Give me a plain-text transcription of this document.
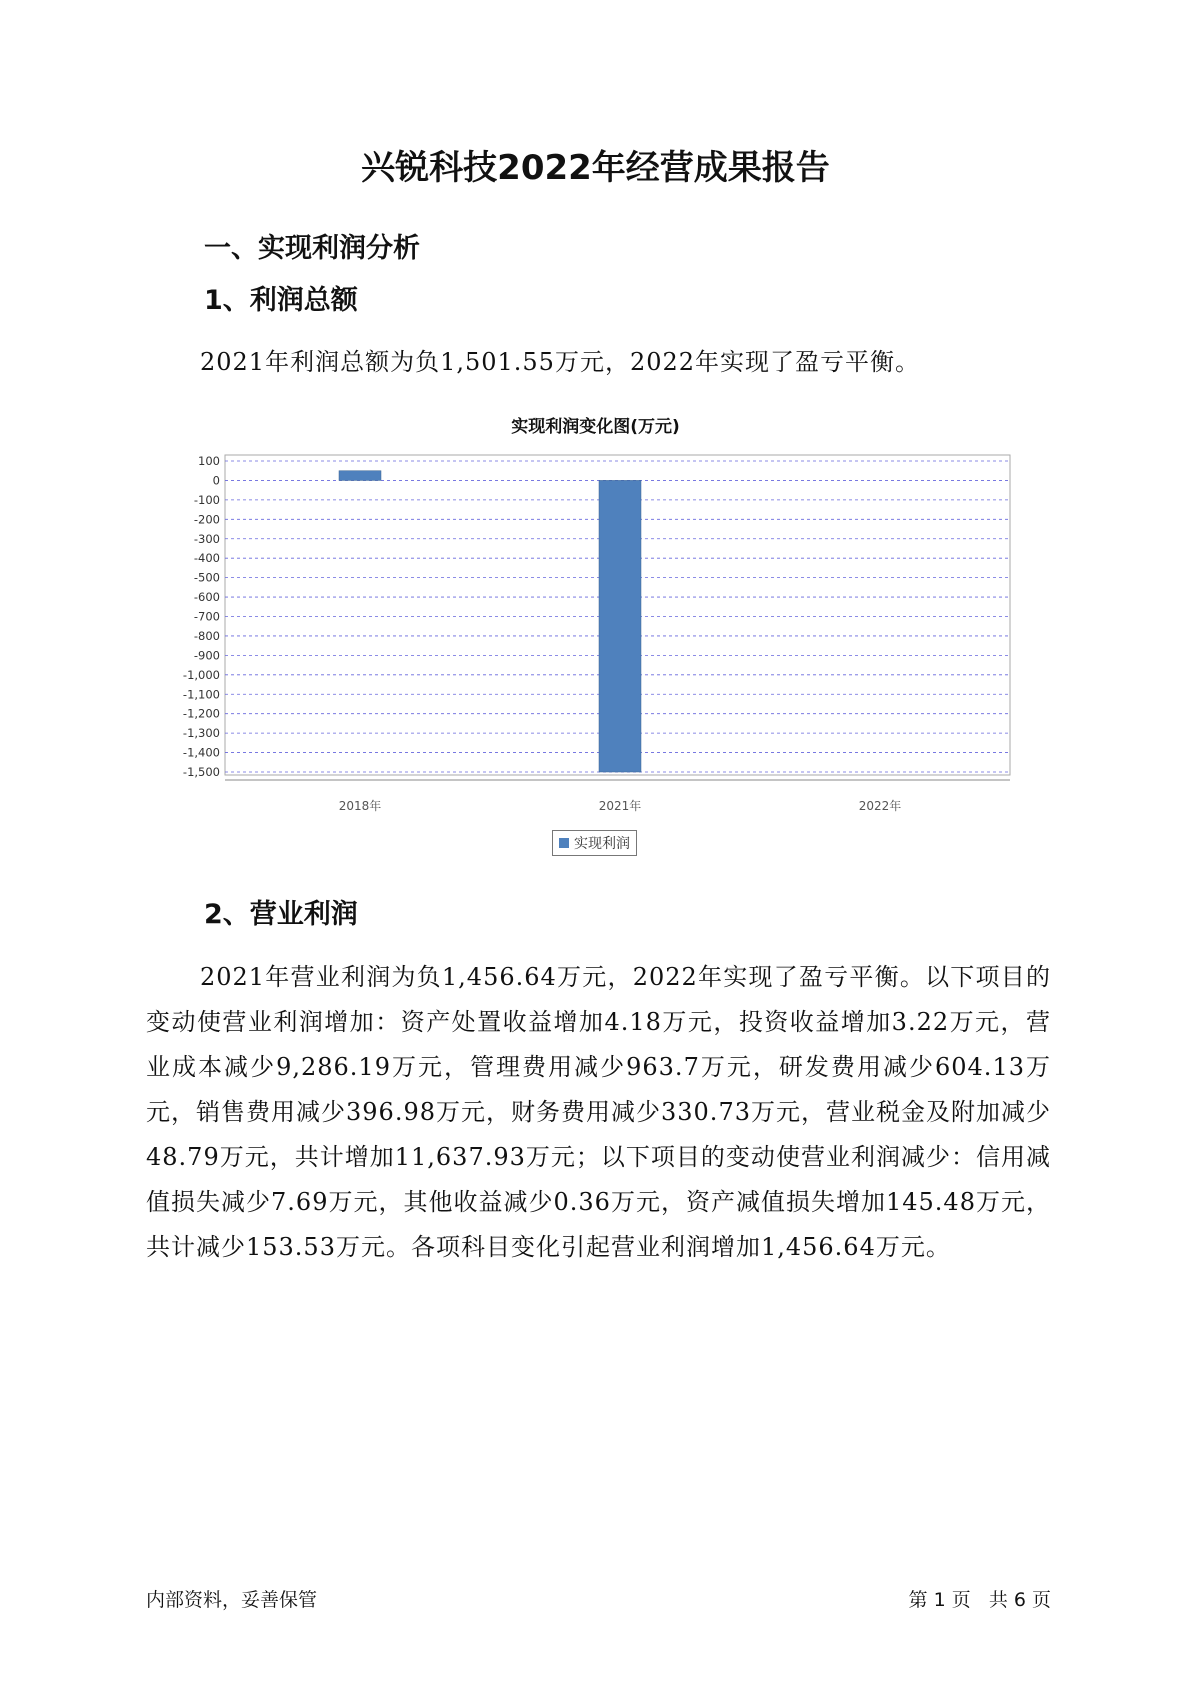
兴锐科技2022年经营成果报告
一、实现利润分析
1、利润总额
2021年利润总额为负1,501.55万元，2022年实现了盈亏平衡。
实现利润变化图(万元)
100
0
-100
-200
-300
-400
-500
-600
-700
-800
-900
-1,000
-1,100
-1,200
-1,300
-1,400
-1,500
2018年	2021年	2022年
实现利润
2、营业利润
2021年营业利润为负1,456.64万元，2022年实现了盈亏平衡。以下项目的变动使营业利润增加：资产处置收益增加4.18万元，投资收益增加3.22万元，营业成本减少9,286.19万元，管理费用减少963.7万元，研发费用减少604.13万元，销售费用减少396.98万元，财务费用减少330.73万元，营业税金及附加减少48.79万元，共计增加11,637.93万元；以下项目的变动使营业利润减少：信用减值损失减少7.69万元，其他收益减少0.36万元，资产减值损失增加145.48万元，共计减少153.53万元。各项科目变化引起营业利润增加1,456.64万元。
内部资料，妥善保管	第 1 页   共 6 页
